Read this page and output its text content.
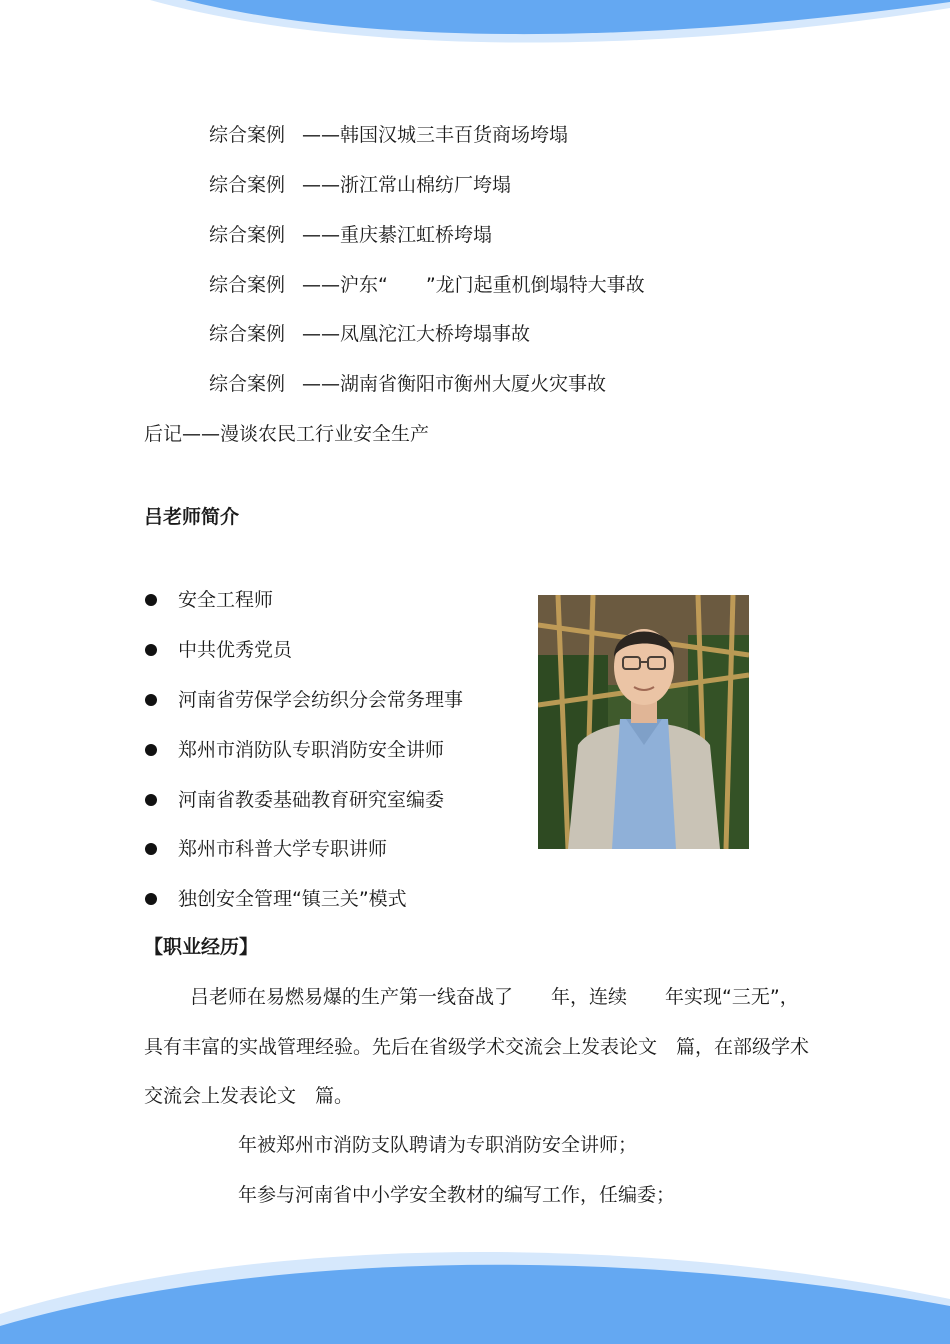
综合案例 ——韩国汉城三丰百货商场垮塌
综合案例 ——浙江常山棉纺厂垮塌
综合案例 ——重庆綦江虹桥垮塌
综合案例 ——沪东“　　”龙门起重机倒塌特大事故
综合案例 ——凤凰沱江大桥垮塌事故
综合案例 ——湖南省衡阳市衡州大厦火灾事故
后记——漫谈农民工行业安全生产
吕老师简介
安全工程师
中共优秀党员
河南省劳保学会纺织分会常务理事
郑州市消防队专职消防安全讲师
河南省教委基础教育研究室编委
郑州市科普大学专职讲师
独创安全管理“镇三关”模式
【职业经历】
吕老师在易燃易爆的生产第一线奋战了　　年，连续　　年实现“三无”，
具有丰富的实战管理经验。先后在省级学术交流会上发表论文　篇，在部级学术
交流会上发表论文　篇。
年被郑州市消防支队聘请为专职消防安全讲师；
年参与河南省中小学安全教材的编写工作，任编委；
